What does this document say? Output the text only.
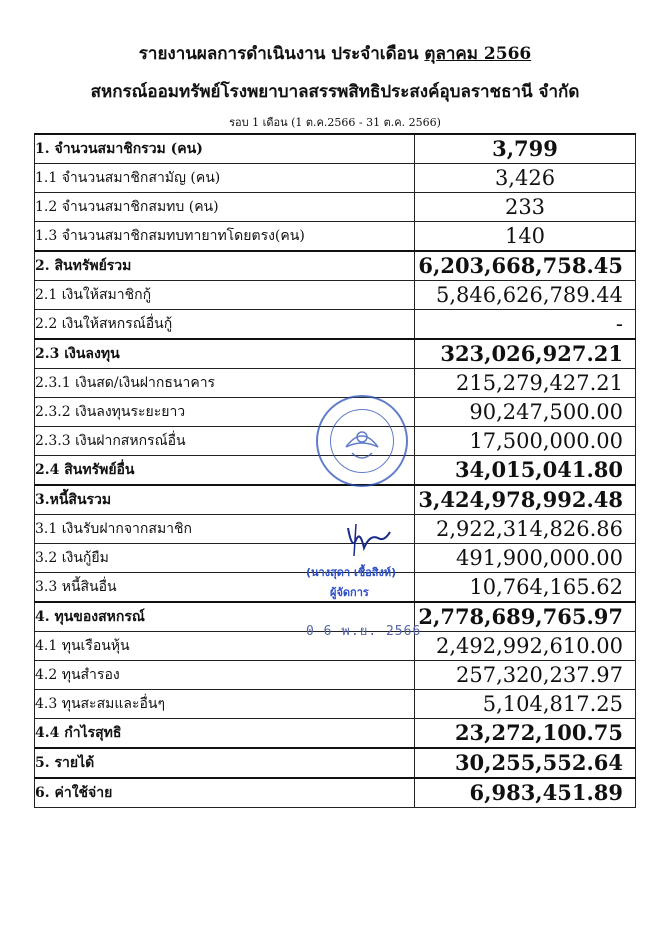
รายงานผลการดำเนินงาน ประจำเดือน ตุลาคม 2566
สหกรณ์ออมทรัพย์โรงพยาบาลสรรพสิทธิประสงค์อุบลราชธานี จำกัด
รอบ 1 เดือน (1 ต.ค.2566 - 31 ต.ค. 2566)
1. จำนวนสมาชิกรวม (คน)	3,799
1.1 จำนวนสมาชิกสามัญ (คน)	3,426
1.2 จำนวนสมาชิกสมทบ (คน)	233
1.3 จำนวนสมาชิกสมทบทายาทโดยตรง(คน)	140
2. สินทรัพย์รวม	6,203,668,758.45
2.1 เงินให้สมาชิกกู้	5,846,626,789.44
2.2 เงินให้สหกรณ์อื่นกู้	-
2.3 เงินลงทุน	323,026,927.21
2.3.1 เงินสด/เงินฝากธนาคาร	215,279,427.21
2.3.2 เงินลงทุนระยะยาว	90,247,500.00
2.3.3 เงินฝากสหกรณ์อื่น	17,500,000.00
2.4 สินทรัพย์อื่น	34,015,041.80
3.หนี้สินรวม	3,424,978,992.48
3.1 เงินรับฝากจากสมาชิก	2,922,314,826.86
3.2 เงินกู้ยืม	491,900,000.00
3.3 หนี้สินอื่น	10,764,165.62
4. ทุนของสหกรณ์	2,778,689,765.97
4.1 ทุนเรือนหุ้น	2,492,992,610.00
4.2 ทุนสำรอง	257,320,237.97
4.3 ทุนสะสมและอื่นๆ	5,104,817.25
4.4 กำไรสุทธิ	23,272,100.75
5. รายได้	30,255,552.64
6. ค่าใช้จ่าย	6,983,451.89
(นางสุดา เชื้อสิงห์)
ผู้จัดการ
0 6 พ.ย. 2566
